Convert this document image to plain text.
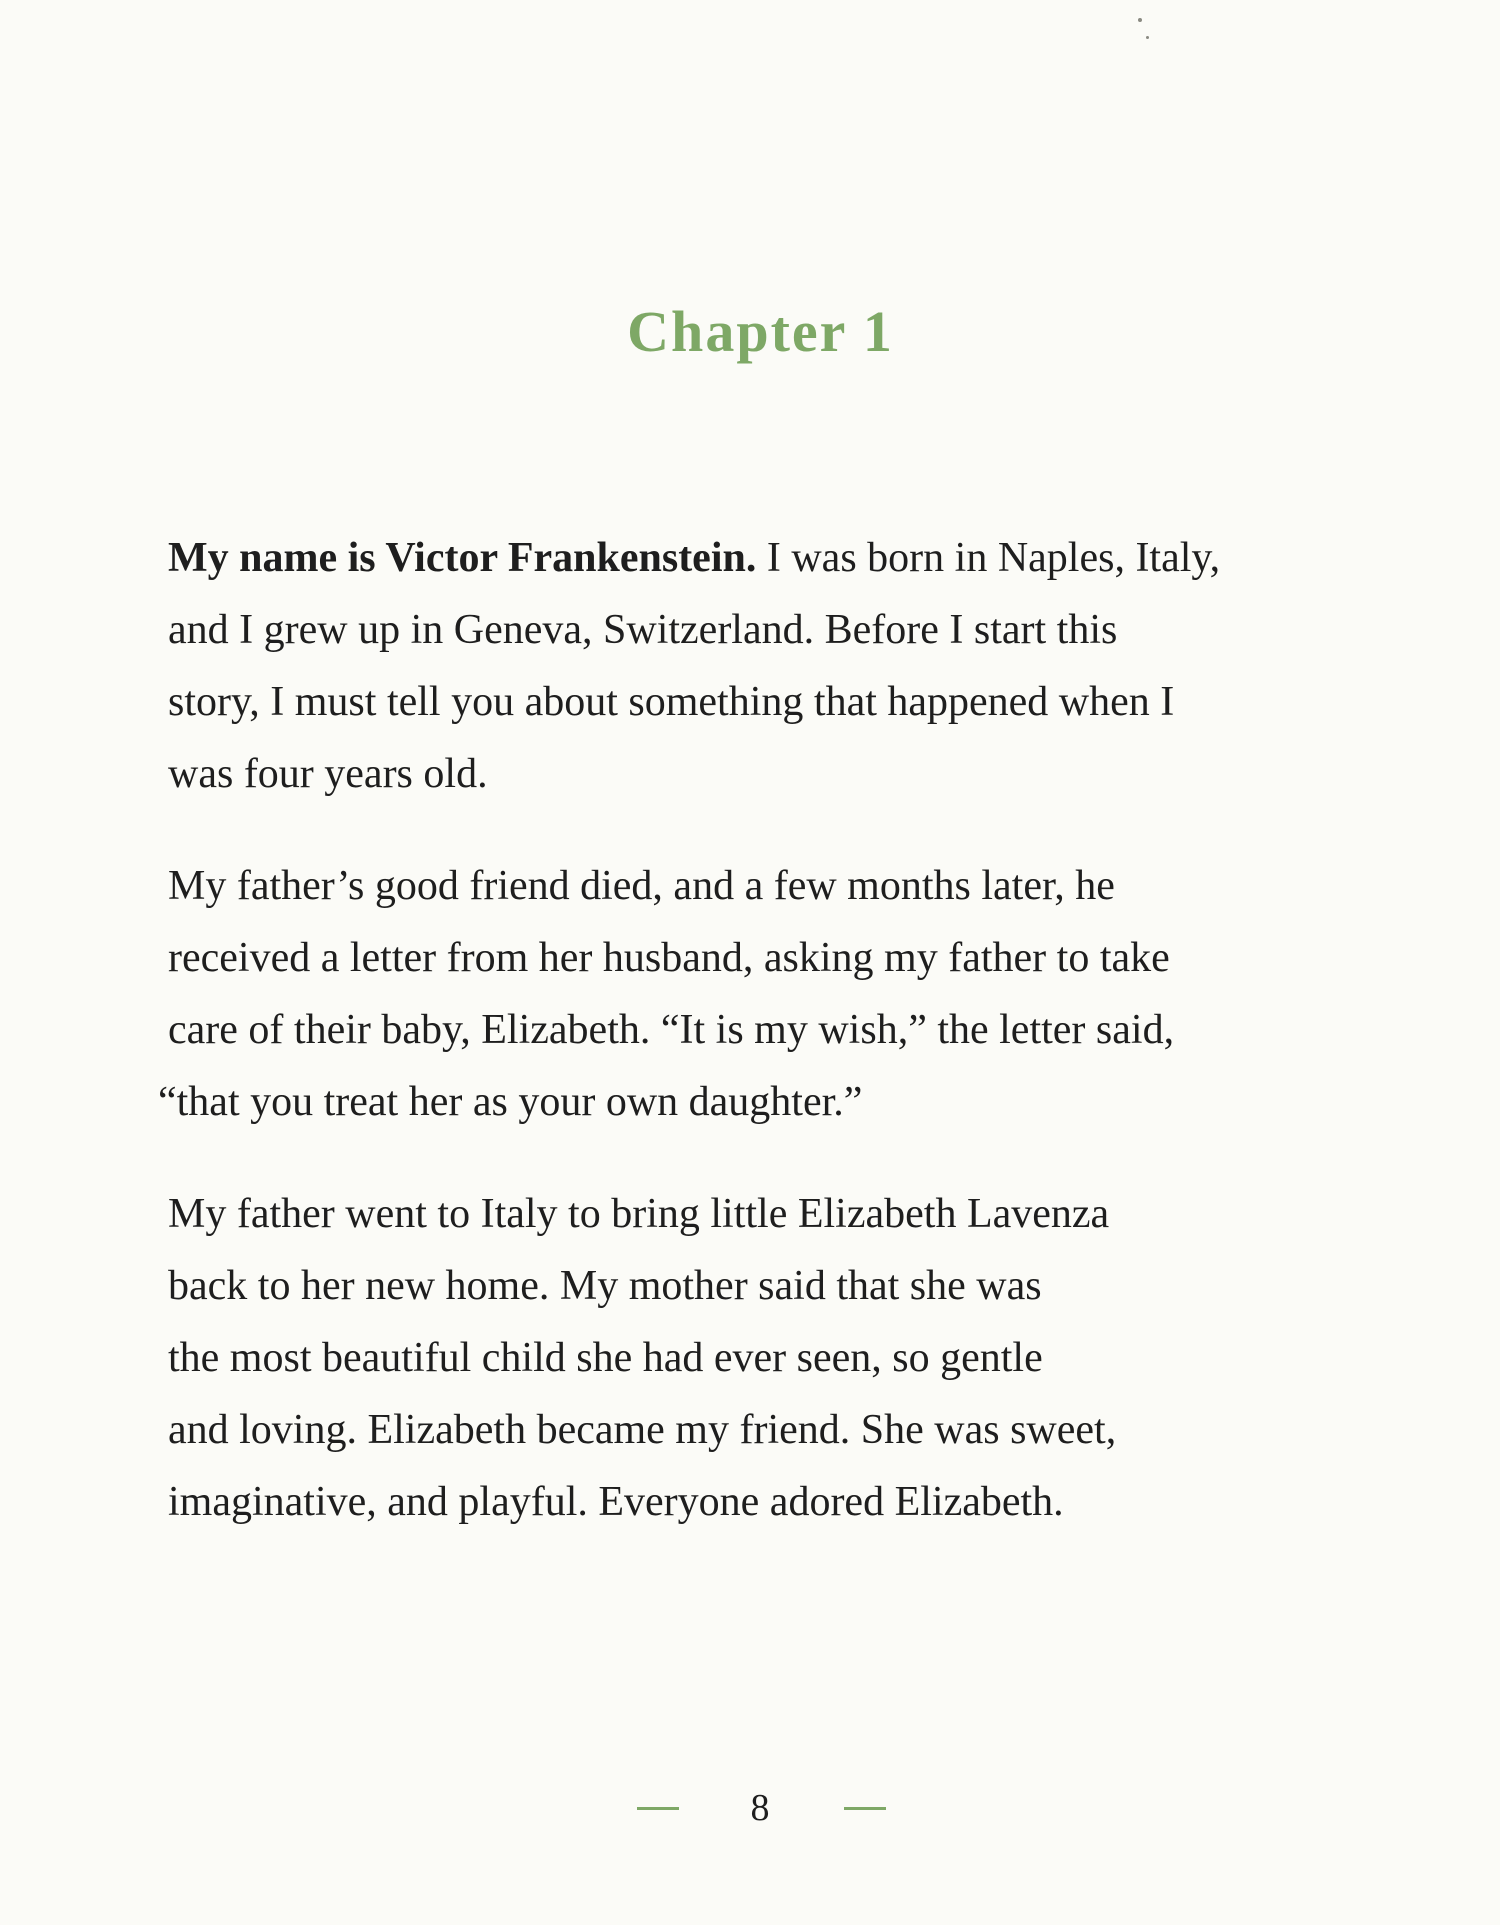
Chapter 1

My name is Victor Frankenstein. I was born in Naples, Italy,
and I grew up in Geneva, Switzerland. Before I start this
story, I must tell you about something that happened when I
was four years old.

My father’s good friend died, and a few months later, he
received a letter from her husband, asking my father to take
care of their baby, Elizabeth. “It is my wish,” the letter said,
“that you treat her as your own daughter.”

My father went to Italy to bring little Elizabeth Lavenza
back to her new home. My mother said that she was
the most beautiful child she had ever seen, so gentle
and loving. Elizabeth became my friend. She was sweet,
imaginative, and playful. Everyone adored Elizabeth.

8
